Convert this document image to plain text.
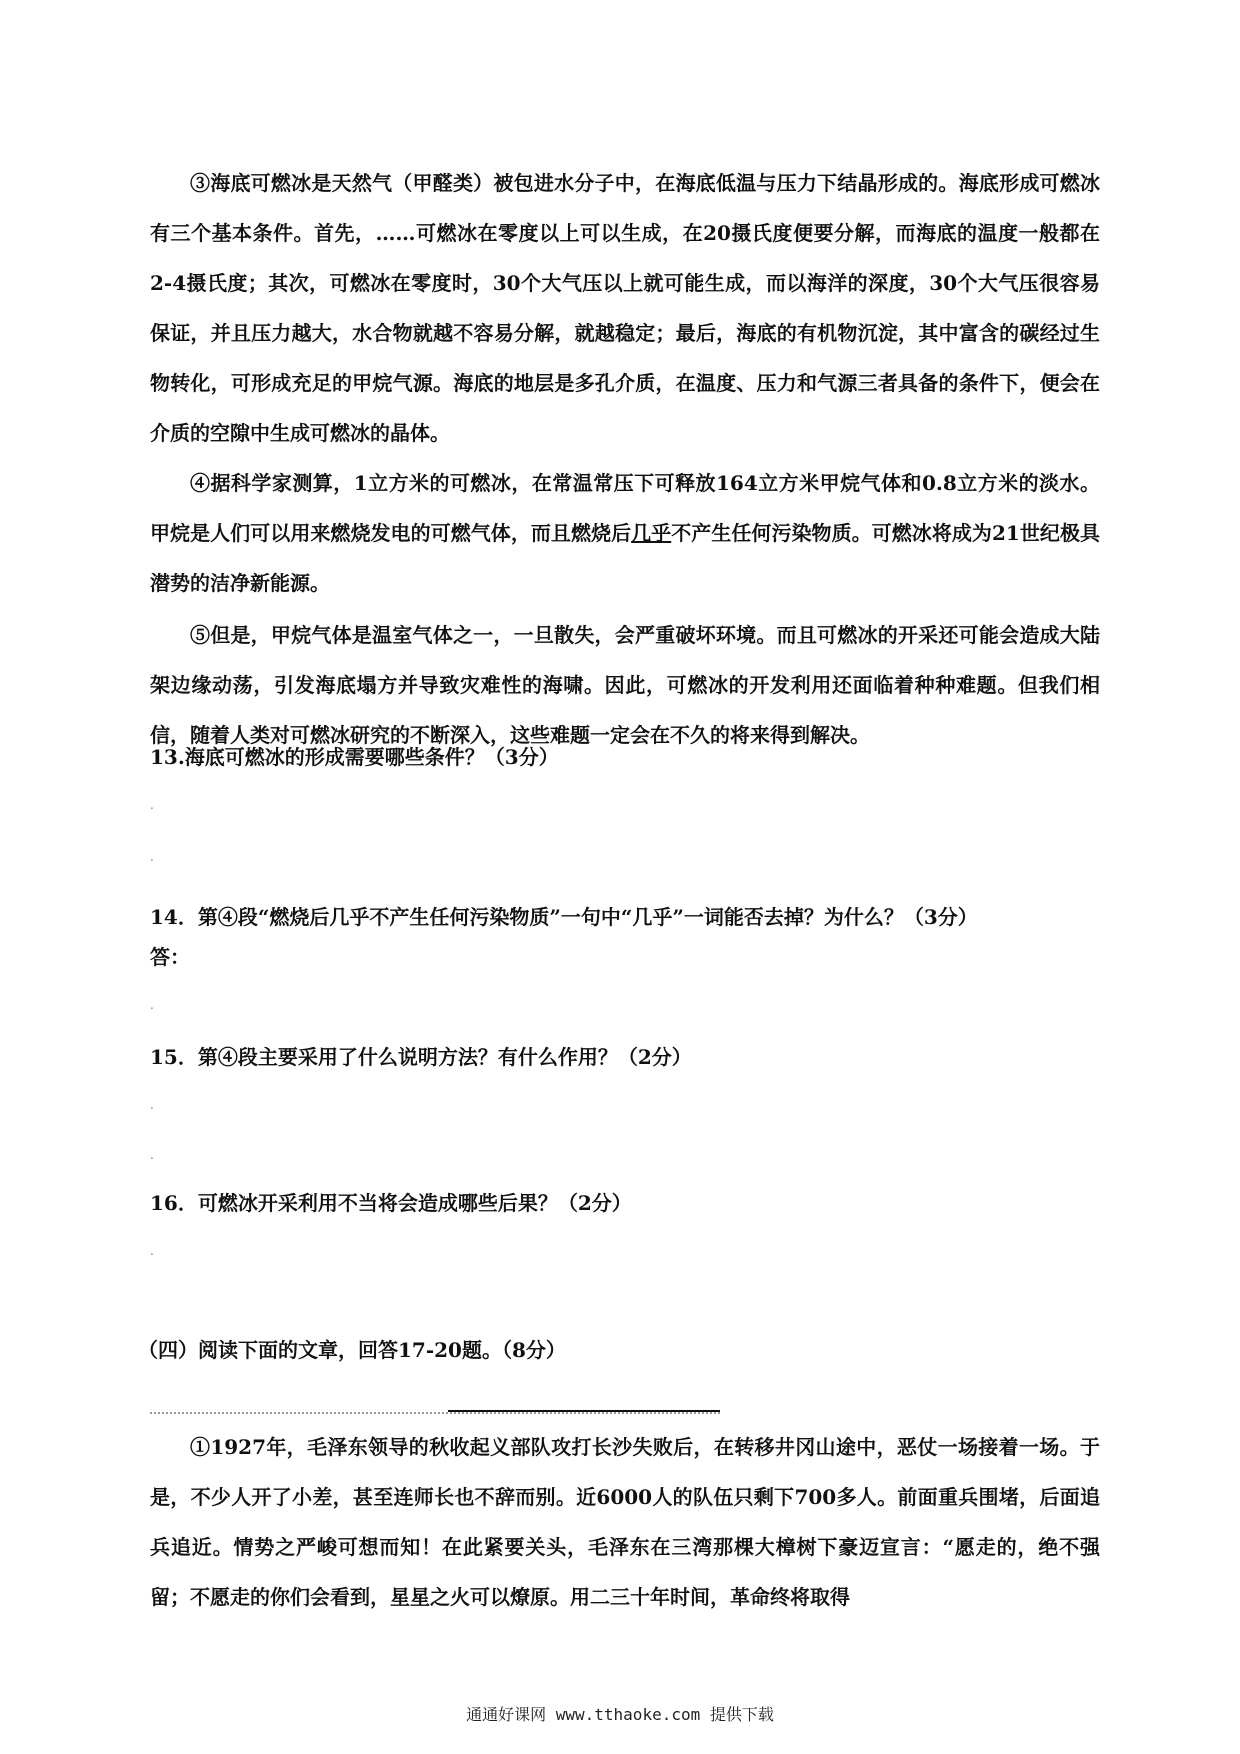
③海底可燃冰是天然气（甲醛类）被包进水分子中，在海底低温与压力下结晶形成的。海底形成可燃冰有三个基本条件。首先，……可燃冰在零度以上可以生成，在20摄氏度便要分解，而海底的温度一般都在2-4摄氏度；其次，可燃冰在零度时，30个大气压以上就可能生成，而以海洋的深度，30个大气压很容易保证，并且压力越大，水合物就越不容易分解，就越稳定；最后，海底的有机物沉淀，其中富含的碳经过生物转化，可形成充足的甲烷气源。海底的地层是多孔介质，在温度、压力和气源三者具备的条件下，便会在介质的空隙中生成可燃冰的晶体。

④据科学家测算，1立方米的可燃冰，在常温常压下可释放164立方米甲烷气体和0.8立方米的淡水。甲烷是人们可以用来燃烧发电的可燃气体，而且燃烧后几乎不产生任何污染物质。可燃冰将成为21世纪极具潜势的洁净新能源。

⑤但是，甲烷气体是温室气体之一，一旦散失，会严重破坏环境。而且可燃冰的开采还可能会造成大陆架边缘动荡，引发海底塌方并导致灾难性的海啸。因此，可燃冰的开发利用还面临着种种难题。但我们相信，随着人类对可燃冰研究的不断深入，这些难题一定会在不久的将来得到解决。

13.海底可燃冰的形成需要哪些条件？（3分）

.
.

14．第④段“燃烧后几乎不产生任何污染物质”一句中“几乎”一词能否去掉？为什么？（3分）

答：

.

15．第④段主要采用了什么说明方法？有什么作用？（2分）

.
.

16．可燃冰开采利用不当将会造成哪些后果？（2分）

.

（四）阅读下面的文章，回答17-20题。（8分）

①1927年，毛泽东领导的秋收起义部队攻打长沙失败后，在转移井冈山途中，恶仗一场接着一场。于是，不少人开了小差，甚至连师长也不辞而别。近6000人的队伍只剩下700多人。前面重兵围堵，后面追兵追近。情势之严峻可想而知！在此紧要关头，毛泽东在三湾那棵大樟树下豪迈宣言：“愿走的，绝不强留；不愿走的你们会看到，星星之火可以燎原。用二三十年时间，革命终将取得

通通好课网 www.tthaoke.com 提供下载
